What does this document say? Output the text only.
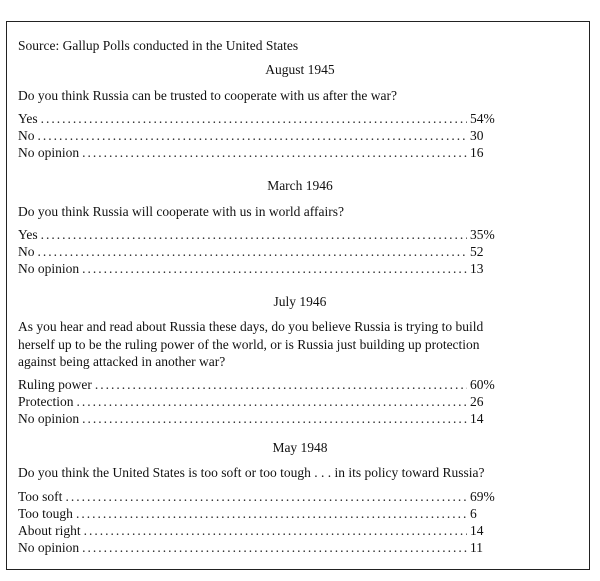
Source: Gallup Polls conducted in the United States
August 1945
Do you think Russia can be trusted to cooperate with us after the war?
Yes .....	54%
No .....	30
No opinion .....	16
March 1946
Do you think Russia will cooperate with us in world affairs?
Yes .....	35%
No .....	52
No opinion .....	13
July 1946
As you hear and read about Russia these days, do you believe Russia is trying to build herself up to be the ruling power of the world, or is Russia just building up protection against being attacked in another war?
Ruling power .....	60%
Protection .....	26
No opinion .....	14
May 1948
Do you think the United States is too soft or too tough . . . in its policy toward Russia?
Too soft .....	69%
Too tough .....	6
About right .....	14
No opinion .....	11
